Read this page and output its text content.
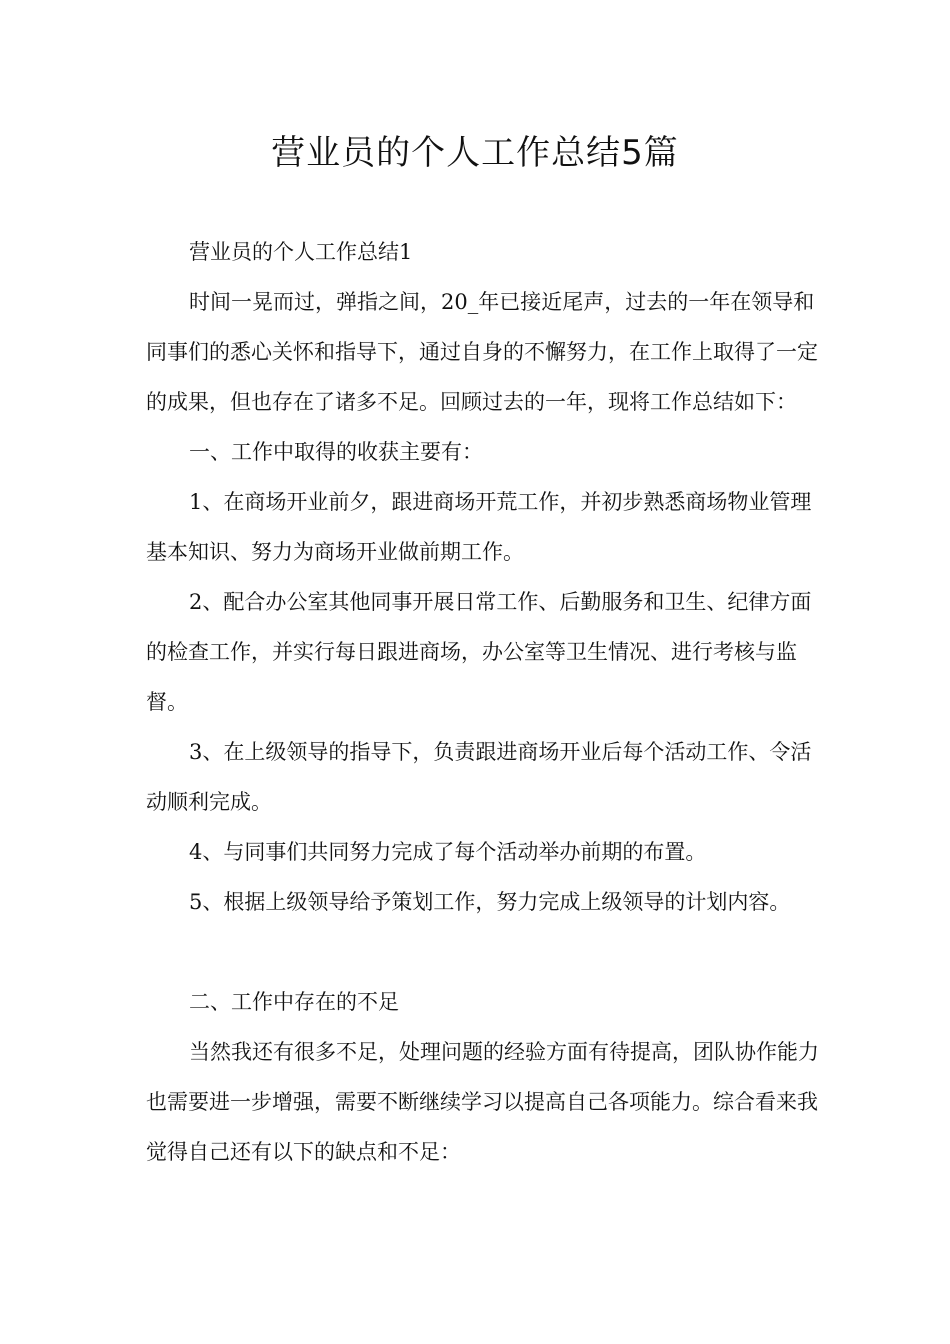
营业员的个人工作总结5篇

营业员的个人工作总结1

时间一晃而过，弹指之间，20_年已接近尾声，过去的一年在领导和同事们的悉心关怀和指导下，通过自身的不懈努力，在工作上取得了一定的成果，但也存在了诸多不足。回顾过去的一年，现将工作总结如下：

一、工作中取得的收获主要有：

1、在商场开业前夕，跟进商场开荒工作，并初步熟悉商场物业管理基本知识、努力为商场开业做前期工作。

2、配合办公室其他同事开展日常工作、后勤服务和卫生、纪律方面的检查工作，并实行每日跟进商场，办公室等卫生情况、进行考核与监督。

3、在上级领导的指导下，负责跟进商场开业后每个活动工作、令活动顺利完成。

4、与同事们共同努力完成了每个活动举办前期的布置。

5、根据上级领导给予策划工作，努力完成上级领导的计划内容。

二、工作中存在的不足

当然我还有很多不足，处理问题的经验方面有待提高，团队协作能力也需要进一步增强，需要不断继续学习以提高自己各项能力。综合看来我觉得自己还有以下的缺点和不足：
